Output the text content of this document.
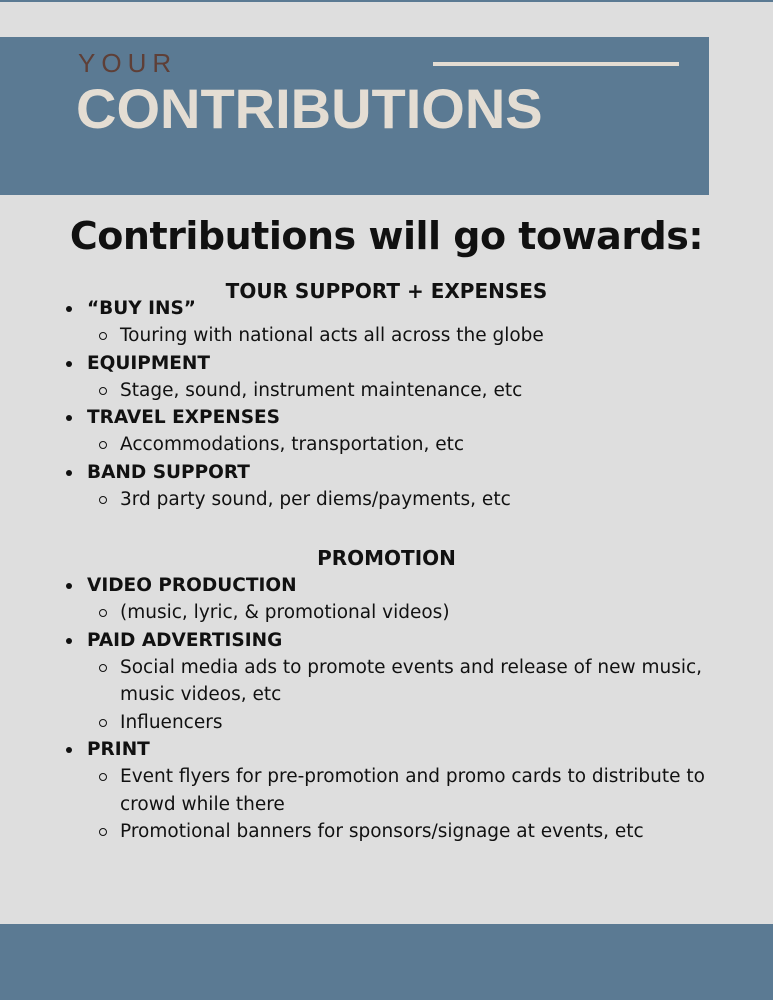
YOUR
CONTRIBUTIONS
Contributions will go towards:
TOUR SUPPORT + EXPENSES
“BUY INS”
Touring with national acts all across the globe
EQUIPMENT
Stage, sound, instrument maintenance, etc
TRAVEL EXPENSES
Accommodations, transportation, etc
BAND SUPPORT
3rd party sound, per diems/payments, etc
PROMOTION
VIDEO PRODUCTION
(music, lyric, & promotional videos)
PAID ADVERTISING
Social media ads to promote events and release of new music, music videos, etc
Influencers
PRINT
Event flyers for pre-promotion and promo cards to distribute to crowd while there
Promotional banners for sponsors/signage at events, etc
